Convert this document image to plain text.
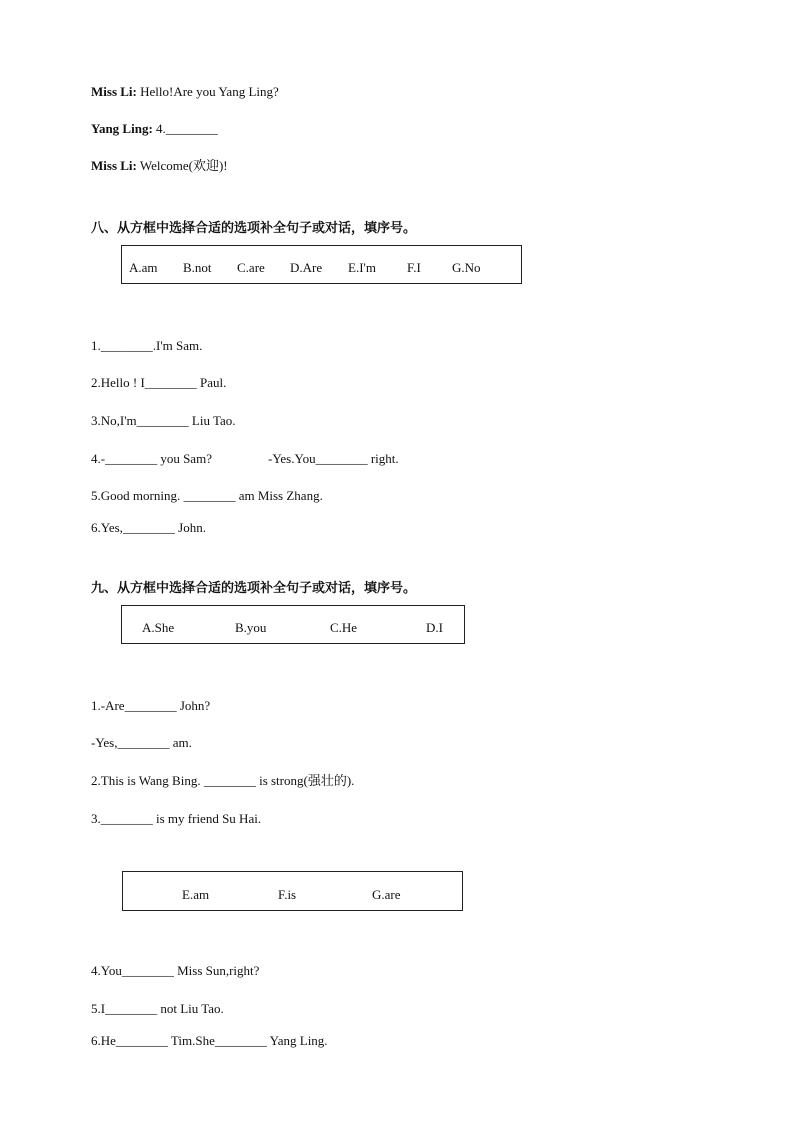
Miss Li: Hello!Are you Yang Ling?
Yang Ling: 4.________
Miss Li: Welcome(欢迎)!
八、从方框中选择合适的选项补全句子或对话，填序号。
A.am B.not C.are D.Are E.I'm F.I G.No
1.________.I'm Sam.
2.Hello ! I________ Paul.
3.No,I'm________ Liu Tao.
4.-________ you Sam?	-Yes.You________ right.
5.Good morning. ________ am Miss Zhang.
6.Yes,________ John.
九、从方框中选择合适的选项补全句子或对话，填序号。
A.She	B.you	C.He	D.I
1.-Are________ John?
-Yes,________ am.
2.This is Wang Bing. ________ is strong(强壮的).
3.________ is my friend Su Hai.
E.am	F.is	G.are
4.You________ Miss Sun,right?
5.I________ not Liu Tao.
6.He________ Tim.She________ Yang Ling.
